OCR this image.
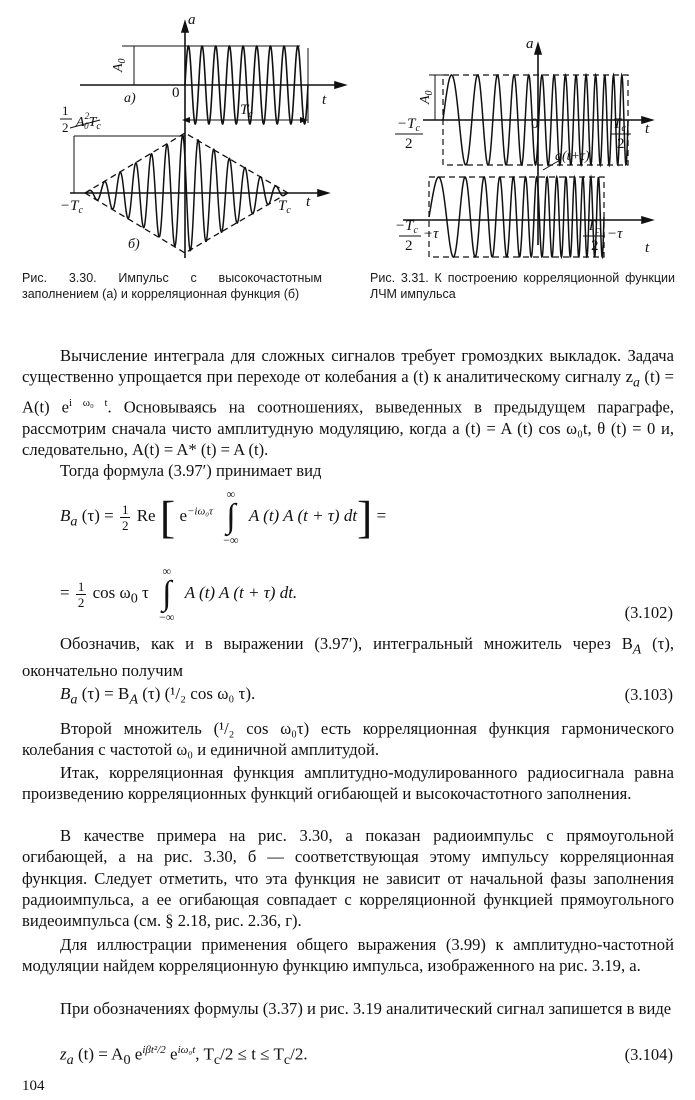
a
$A_0$
0	t
a)
$T_c$
1
2 $A^2$ $0T_c$
$-T_c$	$T_c$
t
б)
a
$A_0$
0	t
$-T_c$
2
$T_c$
2
a(t+τ)
$-T_c$
2
−τ	$T_c$
2
−τ
t
Рис. 3.30. Импульс с высокочастотным заполнением (а) и корреляционная функция (б)
Рис. 3.31. К построению корреляционной функции ЛЧМ импульса

Вычисление интеграла для сложных сигналов требует громоздких выкладок. Задача существенно упрощается при переходе от колебания a (t) к аналитическому сигналу $z_a$ (t) = A(t) $e^{i \omega_0 t}$. Основываясь на соотношениях, выведенных в предыдущем параграфе, рассмотрим сначала чисто амплитудную модуляцию, когда a (t) = A (t) cos ω₀t, θ (t) = 0 и, следовательно, A(t) = A* (t) = A (t).

Тогда формула (3.97′) принимает вид

$B_a$ $(\tau) = \frac{1}{2}$ Re [ $e^{-i\omega_0\tau}$ ∞
∫
−∞ A (t) A (t + τ) dt] =
= $\frac{1}{2}$ $\cos \omega_0$ τ ∞
∫
−∞ A (t) A (t + τ) dt.
(3.102)

Обозначив, как и в выражении (3.97′), интегральный множитель через $B_A$ (τ), окончательно получим

$B_a$ $(\tau) = B_A$ (τ) (¹/₂ cos ω₀ τ).	(3.103)

Второй множитель (¹/₂ cos ω₀τ) есть корреляционная функция гармонического колебания с частотой ω₀ и единичной амплитудой.

Итак, корреляционная функция амплитудно-модулированного радиосигнала равна произведению корреляционных функций огибающей и высокочастотного заполнения.

В качестве примера на рис. 3.30, а показан радиоимпульс с прямоугольной огибающей, а на рис. 3.30, б — соответствующая этому импульсу корреляционная функция. Следует отметить, что эта функция не зависит от начальной фазы заполнения радиоимпульса, а ее огибающая совпадает с корреляционной функцией прямоугольного видеоимпульса (см. § 2.18, рис. 2.36, г).

Для иллюстрации применения общего выражения (3.99) к амплитудно-частотной модуляции найдем корреляционную функцию импульса, изображенного на рис. 3.19, а.

При обозначениях формулы (3.37) и рис. 3.19 аналитический сигнал запишется в виде

$z_a$ $(t) = A_0$ $e^{i\beta t^2/2}$ $e^{i\omega_0t}$, $T_c/2 \le t \le T_c/2$.	(3.104)
104
